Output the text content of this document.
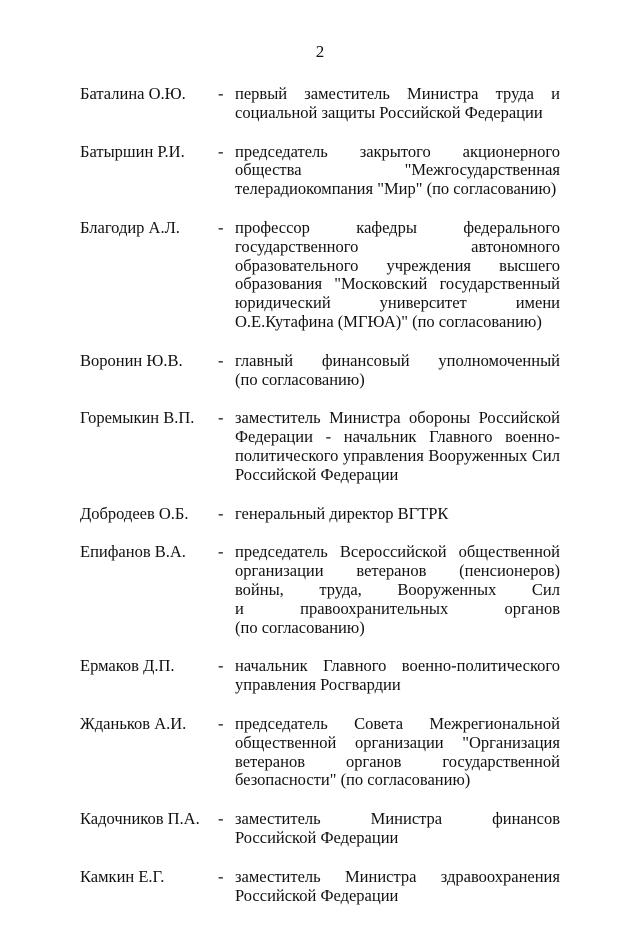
2
Баталина О.Ю. - первый заместитель Министра труда и
социальной защиты Российской Федерации
Батыршин Р.И. - председатель закрытого акционерного
общества	"Межгосударственная
телерадиокомпания "Мир" (по согласованию)
Благодир А.Л. - профессор	кафедры	федерального
государственного	автономного
образовательного учреждения высшего
образования "Московский государственный
юридический	университет	имени
О.Е.Кутафина (МГЮА)" (по согласованию)
Воронин Ю.В. - главный финансовый уполномоченный
(по согласованию)
Горемыкин В.П. - заместитель Министра обороны Российской
Федерации - начальник Главного военно-
политического управления Вооруженных Сил
Российской Федерации
Добродеев О.Б. - генеральный директор ВГТРК
Епифанов В.А. - председатель Всероссийской общественной
организации ветеранов (пенсионеров)
войны, труда, Вооруженных Сил
и	правоохранительных	органов
(по согласованию)
Ермаков Д.П.	- начальник Главного военно-политического
управления Росгвардии
Жданьков А.И. - председатель Совета Межрегиональной
общественной организации "Организация
ветеранов органов государственной
безопасности" (по согласованию)
Кадочников П.А. - заместитель	Министра	финансов
Российской Федерации
Камкин Е.Г.	- заместитель Министра здравоохранения
Российской Федерации
